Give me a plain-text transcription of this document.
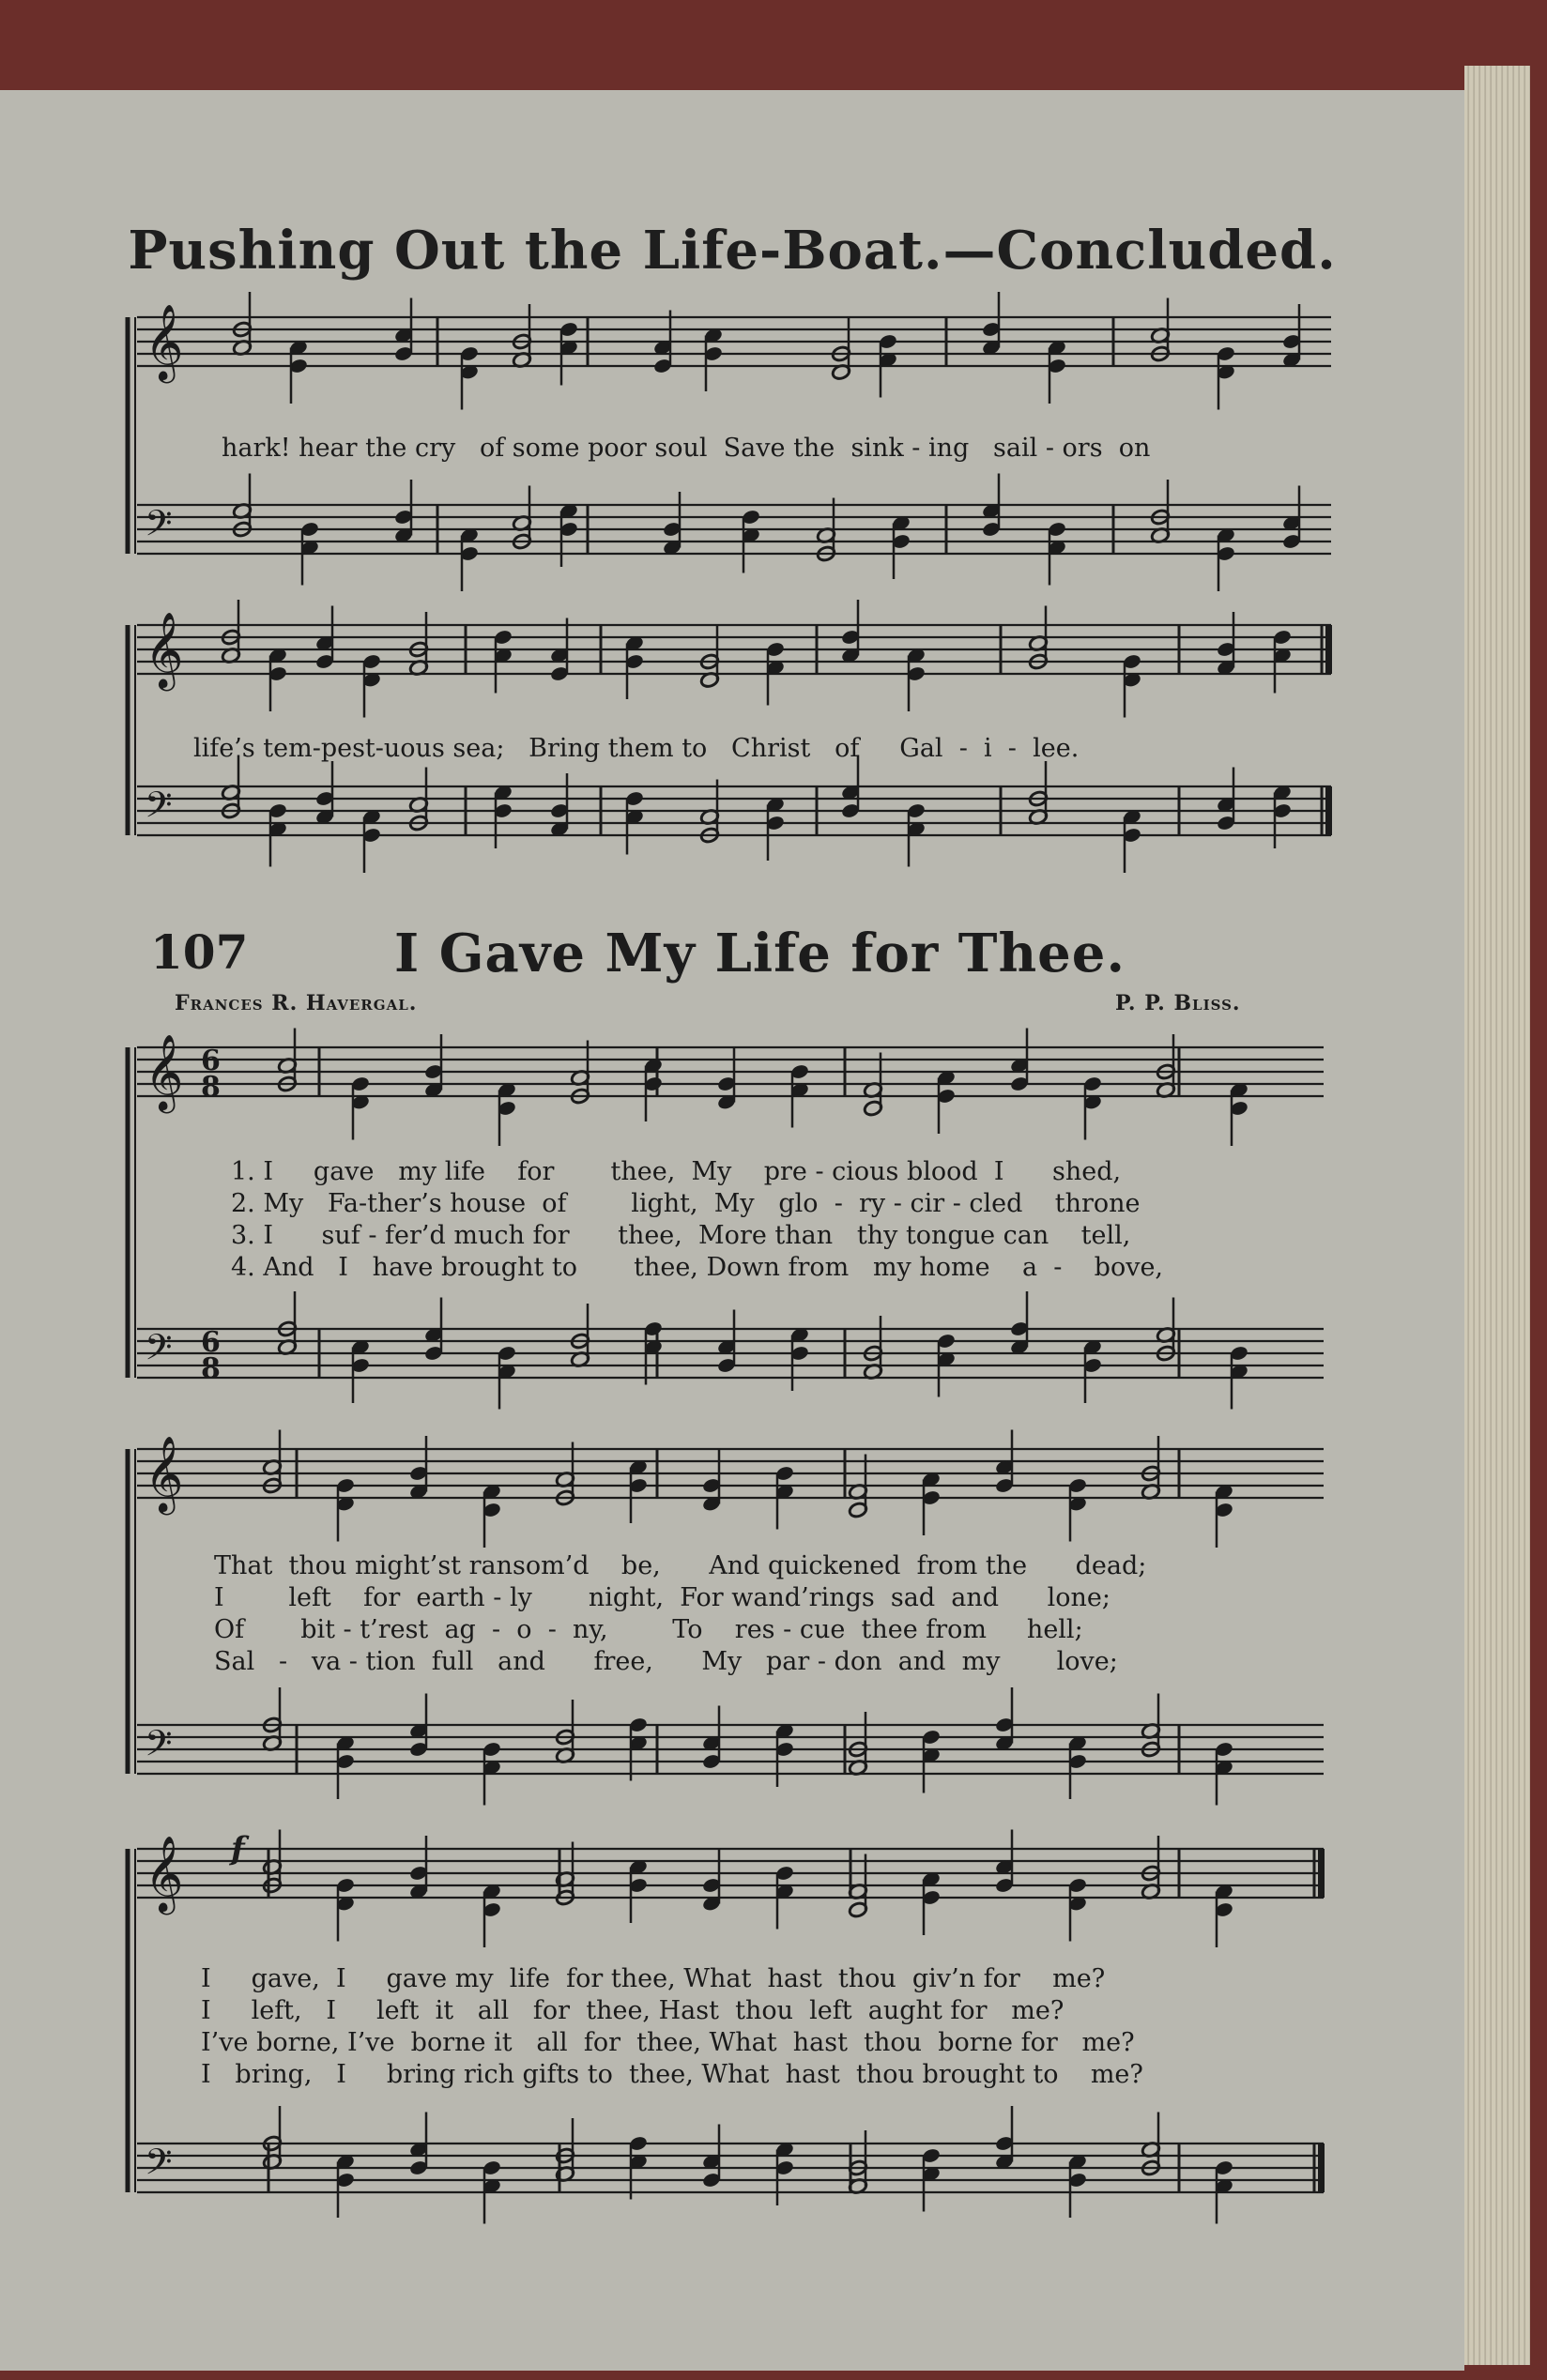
Pushing Out the Life-Boat.—Concluded.
107	I Gave My Life for Thee.
Frances R. Havergal.	P. P. Bliss.
𝄞
𝄢
𝄞
𝄢
𝄞
𝄢
𝄞
𝄢
𝄞
𝄢
6
8
6
8
hark! hear the cry   of some poor soul  Save the  sink - ing   sail - ors  on
life’s tem-pest-uous sea;   Bring them to   Christ   of     Gal  -  i  -  lee.
1. I     gave   my life    for       thee,  My    pre - cious blood  I      shed,
2. My   Fa-ther’s house  of        light,  My   glo  -  ry - cir - cled    throne
3. I      suf - fer’d much for      thee,  More than   thy tongue can    tell,
4. And   I   have brought to       thee, Down from   my home    a  -    bove,
That  thou might’st ransom’d    be,      And quickened  from the      dead;
I        left    for  earth - ly       night,  For wand’rings  sad  and      lone;
Of       bit - t’rest  ag  -  o  -  ny,        To    res - cue  thee from     hell;
Sal   -   va - tion  full   and      free,      My   par - don  and  my       love;
f
I     gave,  I     gave my  life  for thee, What  hast  thou  giv’n for    me?
I     left,   I     left  it   all   for  thee, Hast  thou  left  aught for   me?
I’ve borne, I’ve  borne it   all  for  thee, What  hast  thou  borne for   me?
I   bring,   I     bring rich gifts to  thee, What  hast  thou brought to    me?
